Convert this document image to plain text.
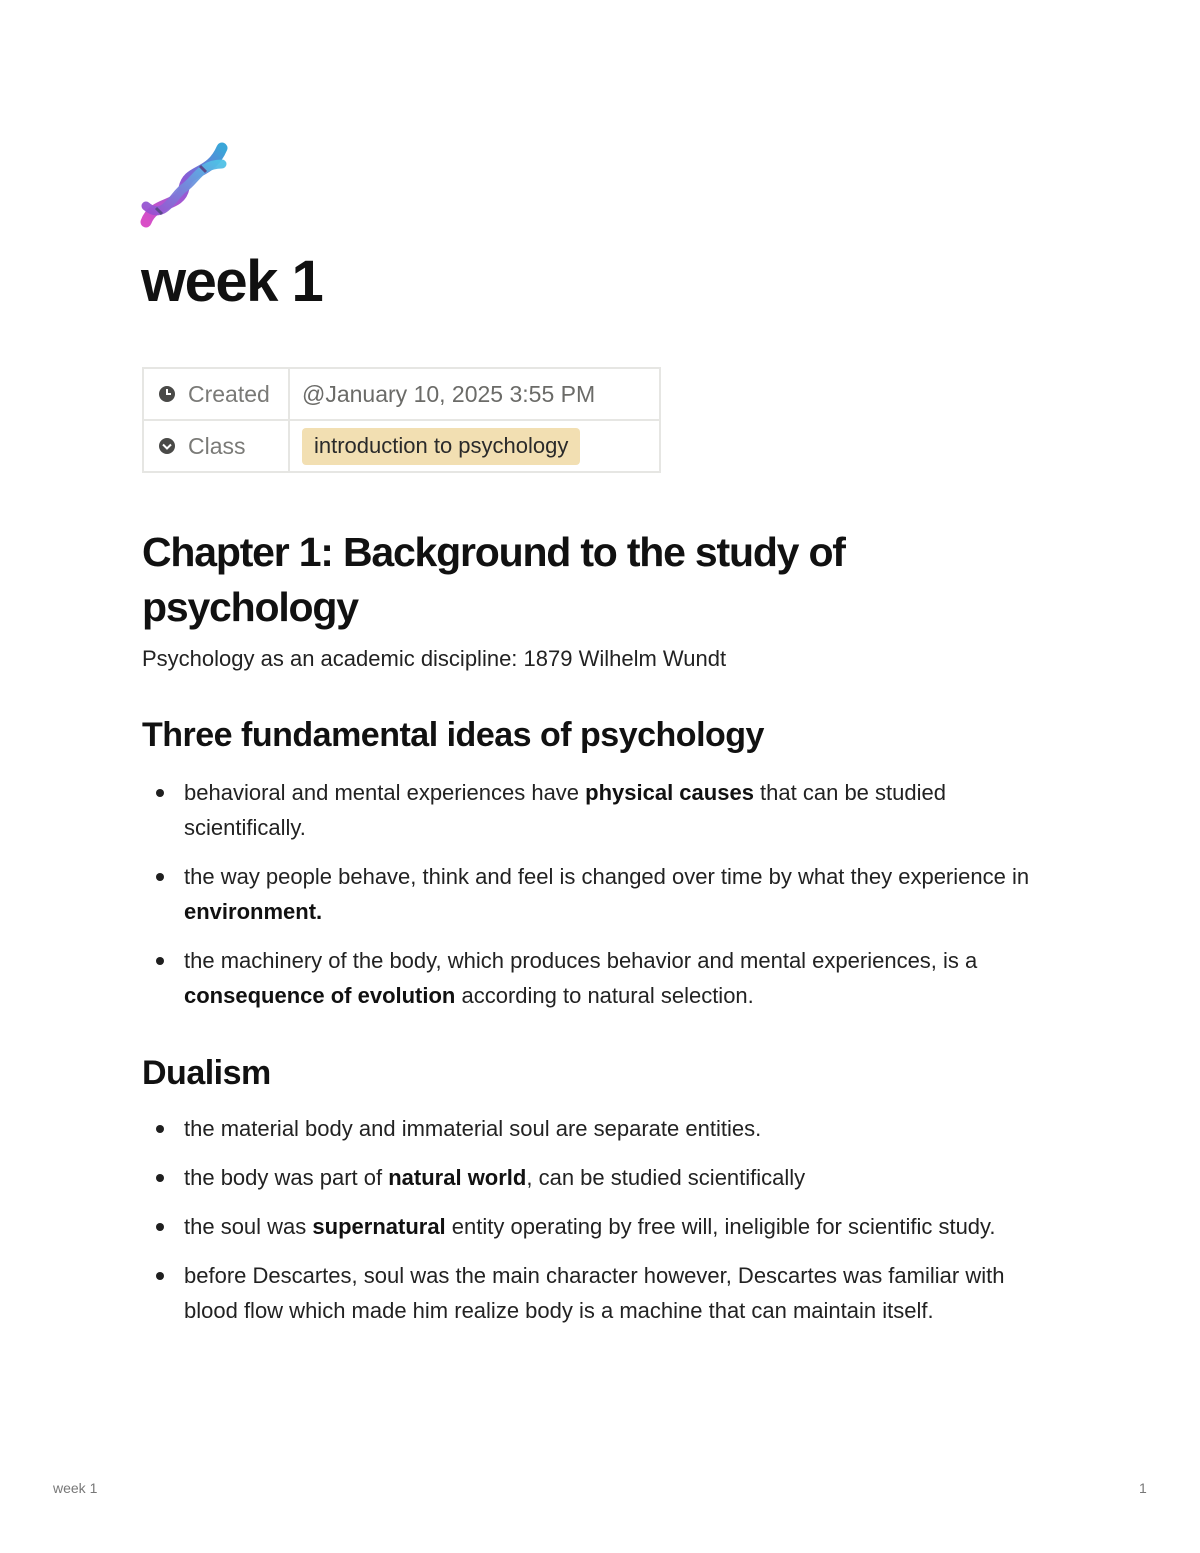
week 1
Created	@January 10, 2025 3:55 PM

Class	introduction to psychology
Chapter 1: Background to the study of psychology

Psychology as an academic discipline: 1879 Wilhelm Wundt

Three fundamental ideas of psychology
behavioral and mental experiences have physical causes that can be studied scientifically.
the way people behave, think and feel is changed over time by what they experience in environment.
the machinery of the body, which produces behavior and mental experiences, is a consequence of evolution according to natural selection.
Dualism
the material body and immaterial soul are separate entities.
the body was part of natural world, can be studied scientifically
the soul was supernatural entity operating by free will, ineligible for scientific study.
before Descartes, soul was the main character however, Descartes was familiar with blood flow which made him realize body is a machine that can maintain itself.
week 1	1
